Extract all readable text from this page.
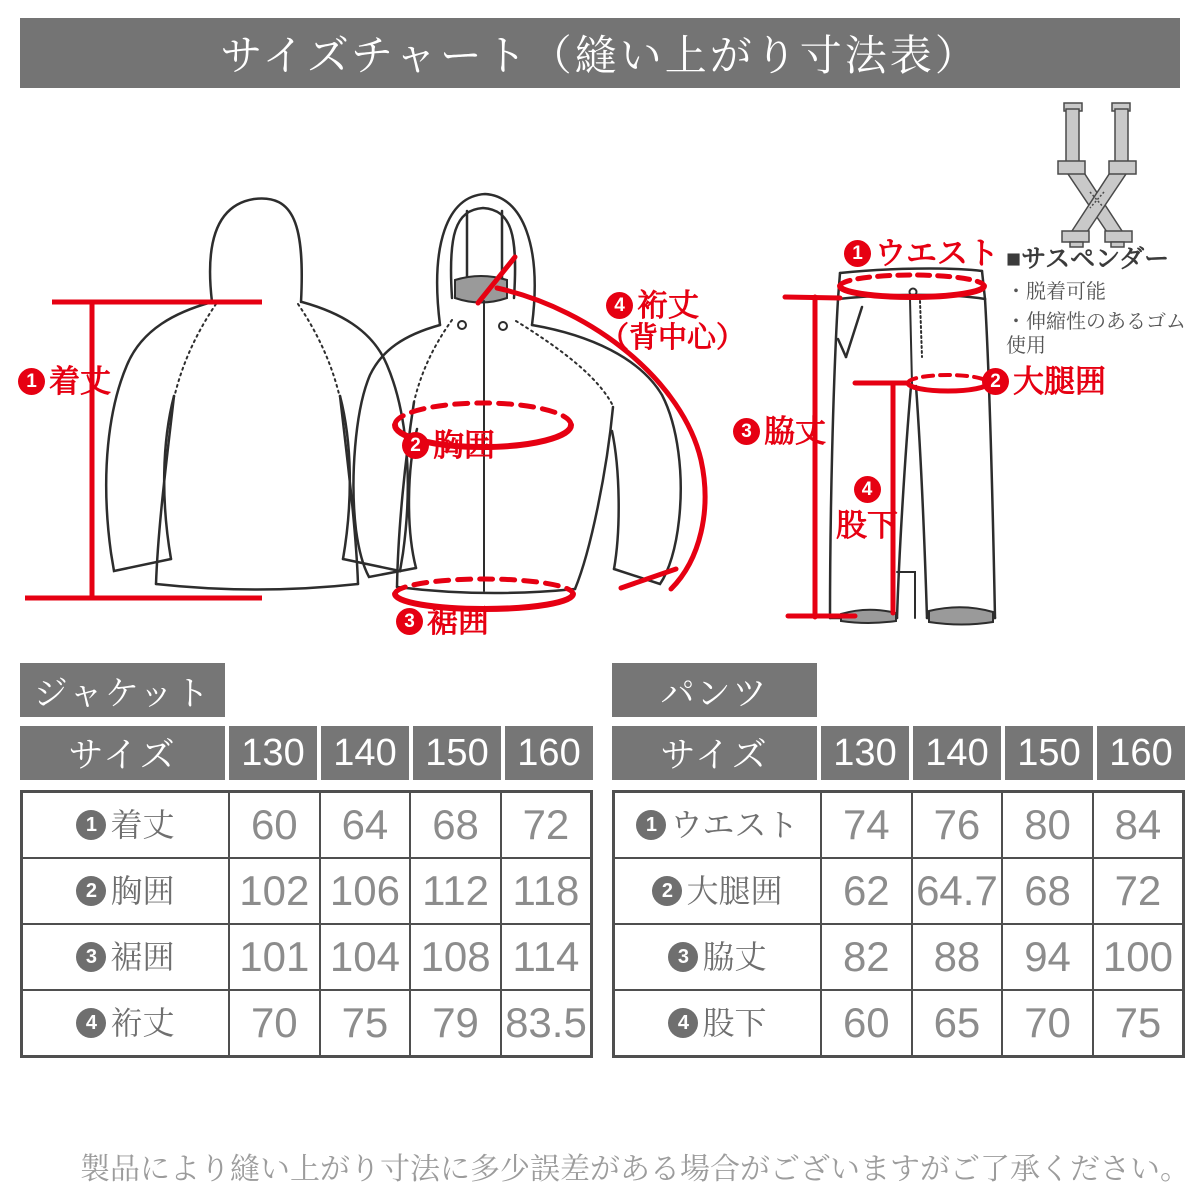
サイズチャート（縫い上がり寸法表）
1 着丈
2 胸囲
3 裾囲
4 裄丈
（背中心）
1 ウエスト
2 大腿囲
3 脇丈
4
股下
■サスペンダー
・脱着可能
・伸縮性のあるゴム使用
ジャケット
サイズ	130 140 150 160
1 着丈	60	64	68	72

2 胸囲	102	106	112	118

3 裾囲	101	104	108	114

4 裄丈	70	75	79	83.5
パンツ
サイズ	130 140 150 160
1 ウエスト	74	76	80	84

2 大腿囲	62	64.7	68	72

3 脇丈	82	88	94	100

4 股下	60	65	70	75
製品により縫い上がり寸法に多少誤差がある場合がございますがご了承ください。
